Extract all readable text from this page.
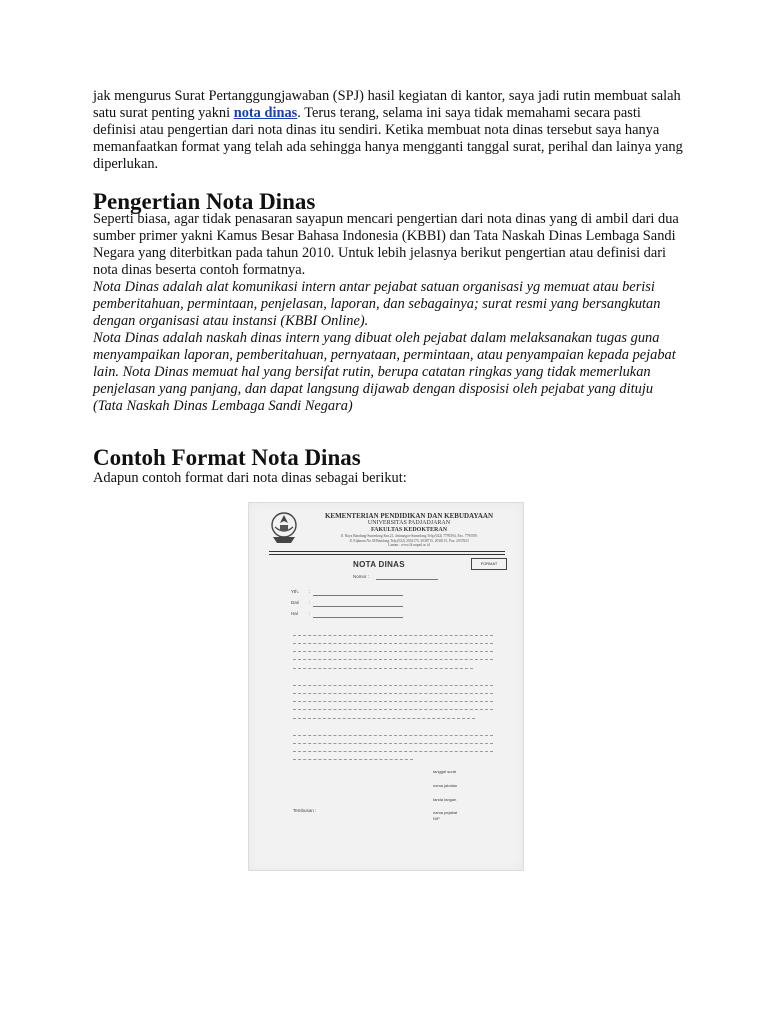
jak mengurus Surat Pertanggungjawaban (SPJ) hasil kegiatan di kantor, saya jadi rutin membuat salah satu surat penting yakni nota dinas. Terus terang, selama ini saya tidak memahami secara pasti definisi atau pengertian dari nota dinas itu sendiri. Ketika membuat nota dinas tersebut saya hanya memanfaatkan format yang telah ada sehingga hanya mengganti tanggal surat, perihal dan lainya yang diperlukan.
Pengertian Nota Dinas
Seperti biasa, agar tidak penasaran sayapun mencari pengertian dari nota dinas yang di ambil dari dua sumber primer yakni Kamus Besar Bahasa Indonesia (KBBI) dan Tata Naskah Dinas Lembaga Sandi Negara yang diterbitkan pada tahun 2010. Untuk lebih jelasnya berikut pengertian atau definisi dari nota dinas beserta contoh formatnya.
Nota Dinas adalah alat komunikasi intern antar pejabat satuan organisasi yg memuat atau berisi pemberitahuan, permintaan, penjelasan, laporan, dan sebagainya; surat resmi yang bersangkutan dengan organisasi atau instansi (KBBI Online).
Nota Dinas adalah naskah dinas intern yang dibuat oleh pejabat dalam melaksanakan tugas guna menyampaikan laporan, pemberitahuan, pernyataan, permintaan, atau penyampaian kepada pejabat lain. Nota Dinas memuat hal yang bersifat rutin, berupa catatan ringkas yang tidak memerlukan penjelasan yang panjang, dan dapat langsung dijawab dengan disposisi oleh pejabat yang dituju (Tata Naskah Dinas Lembaga Sandi Negara)
Contoh Format Nota Dinas
Adapun contoh format dari nota dinas sebagai berikut:
KEMENTERIAN PENDIDIKAN DAN KEBUDAYAAN
UNIVERSITAS PADJADJARAN
FAKULTAS KEDOKTERAN
Jl. Raya Bandung-Sumedang Km.21, Jatinangor-Sumedang Telp.(022) 7795594, Fax. 7795595
Jl. Eijkman No.38 Bandung Telp.(022) 2032170, 2038715, 2038115, Fax. 2037823
Laman : www.fk.unpad.ac.id
NOTA DINAS	FORMAT
Nomor :
Yth. :
Dari :
Hal :
tanggal surat
nama jabatan
tanda tangan
nama pejabat
NIP
Tembusan :
